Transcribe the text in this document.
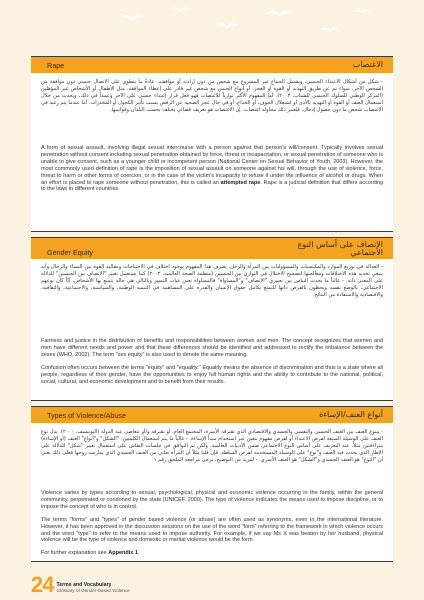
Rape	الاغتصاب
- شكل من أشكال الاعتداء الجنسي، ويشمل الجماع غير المشروع مع شخص من دون إرادته أو موافقته. عادةً ما ينطوي على الاتصال جنسي دون موافقة من الشخص الآخر، سواء تم عن طريق التهديد أو القوة أو العجز. أو أنواع الجنس مع شخص غير قادر على إعطاء الموافقة، مثل الأطفال أو الأشخاص غير المؤهلين (المركز الوطني للسلوك الجنسي للشباب، ٢٠٠٣). أما المفهوم الأكثر توازناً للاغتصاب فهو فعل قرار إعتداء جنسي على الآخر وعمداً في ذلك، ويحدث من خلال استعمال العنف أو القوة أو التهديد بالأذى أو استغلال الخوف، أو الخداع، أو في حال عجز الضحية عن الرفض بسبب تأثير الكحول أو المخدرات. أما عندما يتم رغبة في الاغتصاب شخص ما دون حصول إدخال، فيُعتبر ذلك محاولة اغتصاب. إن الاغتصاب هو تعريف قضائي يختلف بحسب البلدان وقوانينها.

A form of sexual assault, involving illegal sexual intercourse with a person against that person's will/consent. Typically involves sexual penetration without consent including sexual penetration obtained by force, threat or incapacitation, or sexual penetration of someone who is unable to give consent, such as a younger child or incompetent person (National Center on Sexual Behavior of Youth, 2003). However, the most commonly used definition of rape is the imposition of sexual assault on someone against his will, through the use of violence, force, threat to harm or other forms of coercion, or in the case of the victim's incapacity to refuse if under the influence of alcohol or drugs. When an effort is placed to rape someone without penetration, this is called an attempted rape. Rape is a judicial definition that differs according to the laws in different countries.

Gender Equity
الإنصاف على أساس النوع الاجتماعي
- العدالة في توزيع الموارد والمكتسبات والمسؤوليات بين المرأة والرجل. يعترف هذا المفهوم بوجود اختلاف في الاحتياجات ومقاليد القوة بين النساء والرجال وأنه ينبغي تحديد هذه الاختلافات ومعالجتها لتصحيح الاختلال في التوازن بين الجنسين (منظمة الصحة العالمية، ٢٠٠٢) كما يستعمل تعبير "الإنصاف بين الجنسين" للدلالة على المعنى ذاته. - غالباً ما يحدث التباس بين تعبيري "الإنصاف" و"المساواة" فالمساواة تعني غياب التمييز وبالتالي هي حالة يتمتع بها الأشخاص، أيّاً كان نوعهم الاجتماعي، بالوضع نفسه ويحظون بالفرص ذاتها للتمتع بكامل حقوق الإنسان والقدرة على المساهمة في التنمية الوطنية، والسياسية، والاجتماعية، والثقافية، والاقتصادية والاستفادة من النتائج.

Fairness and justice in the distribution of benefits and responsibilities between women and men. The concept recognizes that women and men have different needs and power and that these differences should be identified and addressed to rectify the imbalance between the sexes (WHO, 2002). The term "sex equity" is also used to denote the same meaning.

Confusion often occurs between the terms "equity" and "equality." Equality means the absence of discrimination and thus is a state where all people, regardless of their gender, have the opportunities to enjoy full human rights and the ability to contribute to the national, political, social, cultural, and economic development and to benefit from their results.

Types of Violence/Abuse	أنواع العنف/الإساءة
- يتنوع العنف بين العنف الجنسي والنفسي والجسدي والاقتصادي الذي تقترفه الأسرة، المجتمع العام، أو تقترفه و/أو تتغاضى عنه الدولة (اليونيسف، ٢٠٠٠). يدل نوع العنف على الوسيلة المتبعة لفرض الاعتداء أو لفرض مفهوم معين عبر استخدام مبدأ الإساءة. - غالباً ما يتم استعمال الكلمتين: "الشكل" و"أنواع" العنف (أو الإساءة) مترادفتين مثلاً، عند التعريف على أساس النوع الاجتماعي ضمن الأدبيات العالمية. ولكن تم التوافق في جلسات النقاش على استعمال تعبير "شكل" للدلالة على الإطار الذي يحدث فيه العنف و"نوع" على الوسيلة المستخدمة لفرض السلطة. فإن قلنا مثلاً أن المرأة تعاني من العنف الجسدي الذي يمارسه زوجها فعلى ذلك يعني أن "النوع" هو العنف الجسدي و"الشكل" هو العنف الأسري. - لمزيد من التوضيح، يرجى مراجعة الملحق رقم ١

Violence varies by types according to sexual, psychological, physical and economic violence occurring in the family, within the general community, perpetrated or condoned by the state (UNICEF, 2000). The type of violence indicates the means used to impose discipline, or to impose the concept of who is in control.

The terms "forms" and "types" of gender based violence (or abuse) are often used as synonyms, even in the international literature. However, it has been approved in the discussion sessions on the use of the word "form" referring to the framework in which violence occurs and the word "type" to refer to the means used to impose authority. For example, if we say Ms X was beaten by her husband, physical violence will be the type of violence and domestic or marital violence would be the form.

For further explanation see Appendix 1.

24 Terms and Vocabulary
Glossary of Gender-Based Violence
